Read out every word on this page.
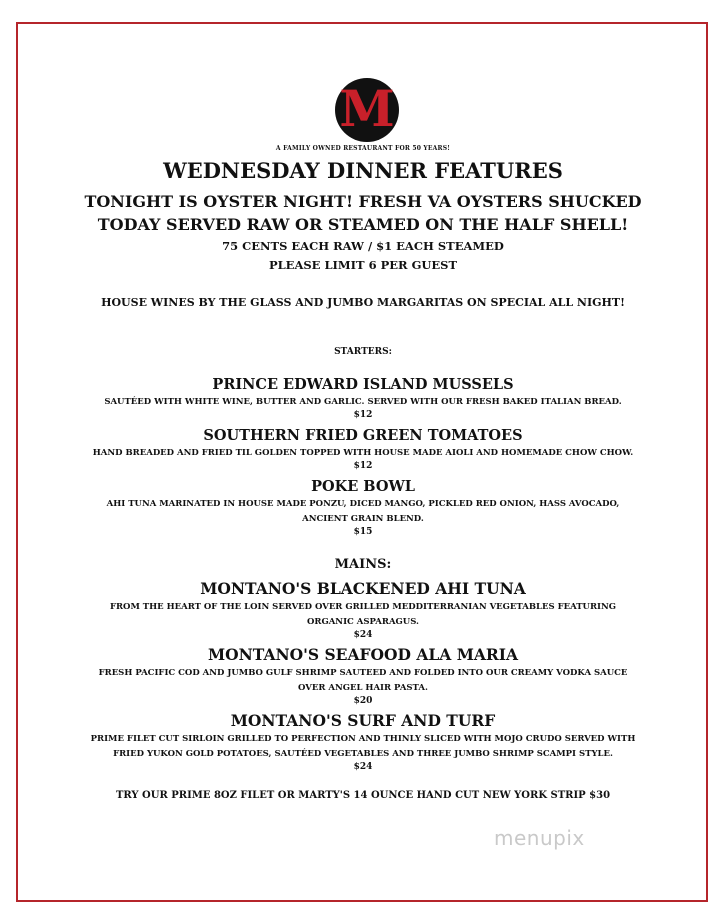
M
A FAMILY OWNED RESTAURANT FOR 50 YEARS!
WEDNESDAY DINNER FEATURES
TONIGHT IS OYSTER NIGHT! FRESH VA OYSTERS SHUCKED
TODAY SERVED RAW OR STEAMED ON THE HALF SHELL!
75 CENTS EACH RAW / $1 EACH STEAMED
PLEASE LIMIT 6 PER GUEST
HOUSE WINES BY THE GLASS AND JUMBO MARGARITAS ON SPECIAL ALL NIGHT!
STARTERS:
PRINCE EDWARD ISLAND MUSSELS
SAUTÉED WITH WHITE WINE, BUTTER AND GARLIC. SERVED WITH OUR FRESH BAKED ITALIAN BREAD.
$12
SOUTHERN FRIED GREEN TOMATOES
HAND BREADED AND FRIED TIL GOLDEN TOPPED WITH HOUSE MADE AIOLI AND HOMEMADE CHOW CHOW.
$12
POKE BOWL
AHI TUNA MARINATED IN HOUSE MADE PONZU, DICED MANGO, PICKLED RED ONION, HASS AVOCADO, ANCIENT GRAIN BLEND.
$15
MAINS:
MONTANO'S BLACKENED AHI TUNA
FROM THE HEART OF THE LOIN SERVED OVER GRILLED MEDDITERRANIAN VEGETABLES FEATURING ORGANIC ASPARAGUS.
$24
MONTANO'S SEAFOOD ALA MARIA
FRESH PACIFIC COD AND JUMBO GULF SHRIMP SAUTEED AND FOLDED INTO OUR CREAMY VODKA SAUCE OVER ANGEL HAIR PASTA.
$20
MONTANO'S SURF AND TURF
PRIME FILET CUT SIRLOIN GRILLED TO PERFECTION AND THINLY SLICED WITH MOJO CRUDO SERVED WITH FRIED YUKON GOLD POTATOES, SAUTÉED VEGETABLES AND THREE JUMBO SHRIMP SCAMPI STYLE.
$24
TRY OUR PRIME 8OZ FILET OR MARTY'S 14 OUNCE HAND CUT NEW YORK STRIP $30
menupix
